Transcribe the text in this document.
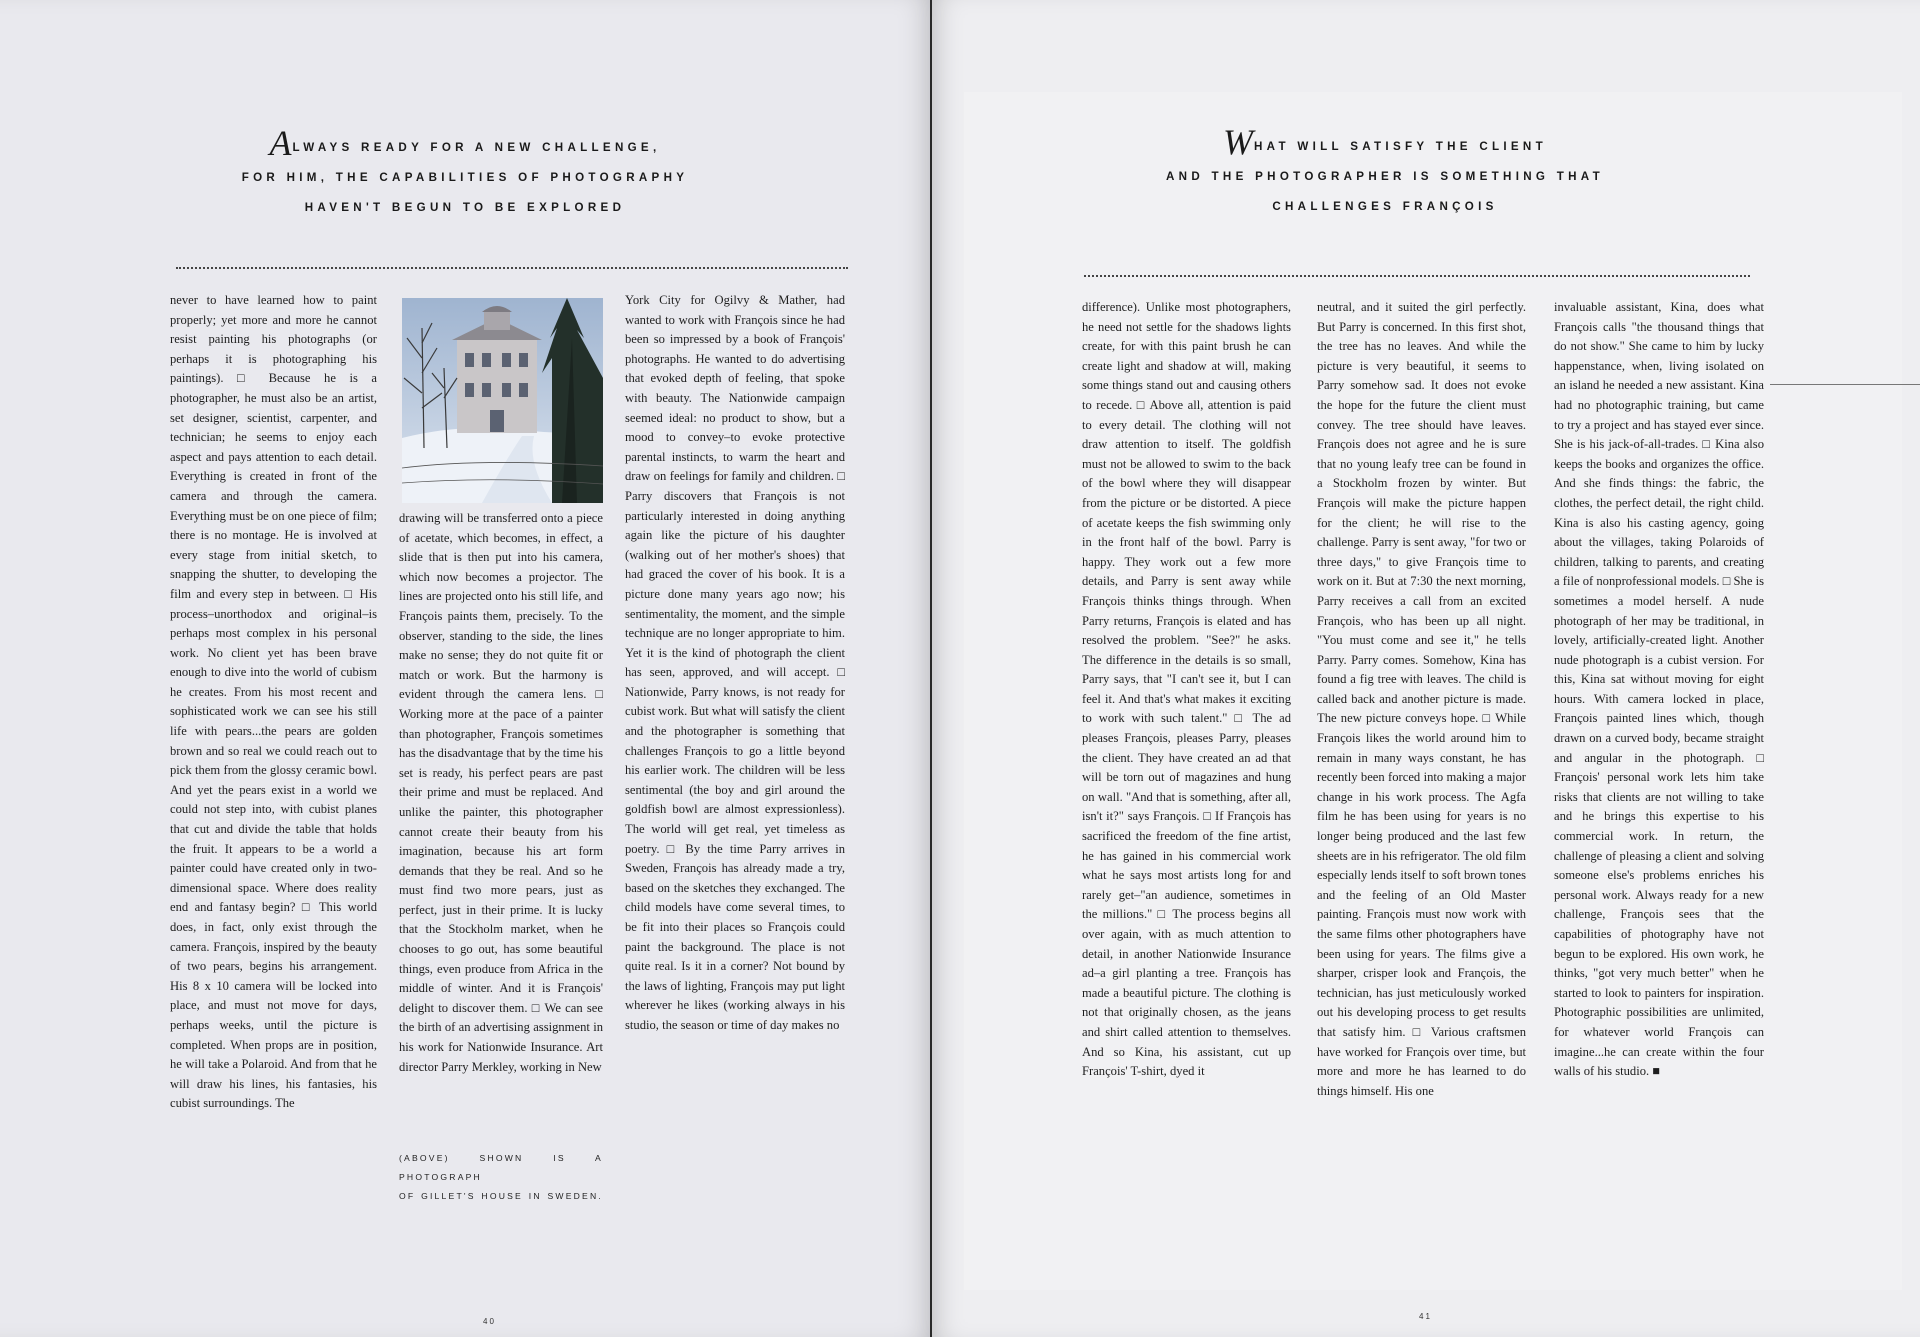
ALWAYS READY FOR A NEW CHALLENGE,
FOR HIM, THE CAPABILITIES OF PHOTOGRAPHY
HAVEN'T BEGUN TO BE EXPLORED
never to have learned how to paint properly; yet more and more he cannot resist painting his photographs (or perhaps it is photographing his paintings). □ Because he is a photographer, he must also be an artist, set designer, scientist, carpenter, and technician; he seems to enjoy each aspect and pays attention to each detail. Everything is created in front of the camera and through the camera. Everything must be on one piece of film; there is no montage. He is involved at every stage from initial sketch, to snapping the shutter, to developing the film and every step in between. □ His process–unorthodox and original–is perhaps most complex in his personal work. No client yet has been brave enough to dive into the world of cubism he creates. From his most recent and sophisticated work we can see his still life with pears...the pears are golden brown and so real we could reach out to pick them from the glossy ceramic bowl. And yet the pears exist in a world we could not step into, with cubist planes that cut and divide the table that holds the fruit. It appears to be a world a painter could have created only in two-dimensional space. Where does reality end and fantasy begin? □ This world does, in fact, only exist through the camera. François, inspired by the beauty of two pears, begins his arrangement. His 8 x 10 camera will be locked into place, and must not move for days, perhaps weeks, until the picture is completed. When props are in position, he will take a Polaroid. And from that he will draw his lines, his fantasies, his cubist surroundings. The
drawing will be transferred onto a piece of acetate, which becomes, in effect, a slide that is then put into his camera, which now becomes a projector. The lines are projected onto his still life, and François paints them, precisely. To the observer, standing to the side, the lines make no sense; they do not quite fit or match or work. But the harmony is evident through the camera lens. □ Working more at the pace of a painter than photographer, François sometimes has the disadvantage that by the time his set is ready, his perfect pears are past their prime and must be replaced. And unlike the painter, this photographer cannot create their beauty from his imagination, because his art form demands that they be real. And so he must find two more pears, just as perfect, just in their prime. It is lucky that the Stockholm market, when he chooses to go out, has some beautiful things, even produce from Africa in the middle of winter. And it is François' delight to discover them. □ We can see the birth of an advertising assignment in his work for Nationwide Insurance. Art director Parry Merkley, working in New
(ABOVE) SHOWN IS A PHOTOGRAPH
OF GILLET'S HOUSE IN SWEDEN.
York City for Ogilvy & Mather, had wanted to work with François since he had been so impressed by a book of François' photographs. He wanted to do advertising that evoked depth of feeling, that spoke with beauty. The Nationwide campaign seemed ideal: no product to show, but a mood to convey–to evoke protective parental instincts, to warm the heart and draw on feelings for family and children. □ Parry discovers that François is not particularly interested in doing anything again like the picture of his daughter (walking out of her mother's shoes) that had graced the cover of his book. It is a picture done many years ago now; his sentimentality, the moment, and the simple technique are no longer appropriate to him. Yet it is the kind of photograph the client has seen, approved, and will accept. □ Nationwide, Parry knows, is not ready for cubist work. But what will satisfy the client and the photographer is something that challenges François to go a little beyond his earlier work. The children will be less sentimental (the boy and girl around the goldfish bowl are almost expressionless). The world will get real, yet timeless as poetry. □ By the time Parry arrives in Sweden, François has already made a try, based on the sketches they exchanged. The child models have come several times, to be fit into their places so François could paint the background. The place is not quite real. Is it in a corner? Not bound by the laws of lighting, François may put light wherever he likes (working always in his studio, the season or time of day makes no
40
WHAT WILL SATISFY THE CLIENT
AND THE PHOTOGRAPHER IS SOMETHING THAT
CHALLENGES FRANÇOIS
difference). Unlike most photographers, he need not settle for the shadows lights create, for with this paint brush he can create light and shadow at will, making some things stand out and causing others to recede. □ Above all, attention is paid to every detail. The clothing will not draw attention to itself. The goldfish must not be allowed to swim to the back of the bowl where they will disappear from the picture or be distorted. A piece of acetate keeps the fish swimming only in the front half of the bowl. Parry is happy. They work out a few more details, and Parry is sent away while François thinks things through. When Parry returns, François is elated and has resolved the problem. "See?" he asks. The difference in the details is so small, Parry says, that "I can't see it, but I can feel it. And that's what makes it exciting to work with such talent." □ The ad pleases François, pleases Parry, pleases the client. They have created an ad that will be torn out of magazines and hung on wall. "And that is something, after all, isn't it?" says François. □ If François has sacrificed the freedom of the fine artist, he has gained in his commercial work what he says most artists long for and rarely get–"an audience, sometimes in the millions." □ The process begins all over again, with as much attention to detail, in another Nationwide Insurance ad–a girl planting a tree. François has made a beautiful picture. The clothing is not that originally chosen, as the jeans and shirt called attention to themselves. And so Kina, his assistant, cut up François' T-shirt, dyed it
neutral, and it suited the girl perfectly. But Parry is concerned. In this first shot, the tree has no leaves. And while the picture is very beautiful, it seems to Parry somehow sad. It does not evoke the hope for the future the client must convey. The tree should have leaves. François does not agree and he is sure that no young leafy tree can be found in a Stockholm frozen by winter. But François will make the picture happen for the client; he will rise to the challenge. Parry is sent away, "for two or three days," to give François time to work on it. But at 7:30 the next morning, Parry receives a call from an excited François, who has been up all night. "You must come and see it," he tells Parry. Parry comes. Somehow, Kina has found a fig tree with leaves. The child is called back and another picture is made. The new picture conveys hope. □ While François likes the world around him to remain in many ways constant, he has recently been forced into making a major change in his work process. The Agfa film he has been using for years is no longer being produced and the last few sheets are in his refrigerator. The old film especially lends itself to soft brown tones and the feeling of an Old Master painting. François must now work with the same films other photographers have been using for years. The films give a sharper, crisper look and François, the technician, has just meticulously worked out his developing process to get results that satisfy him. □ Various craftsmen have worked for François over time, but more and more he has learned to do things himself. His one
invaluable assistant, Kina, does what François calls "the thousand things that do not show." She came to him by lucky happenstance, when, living isolated on an island he needed a new assistant. Kina had no photographic training, but came to try a project and has stayed ever since. She is his jack-of-all-trades. □ Kina also keeps the books and organizes the office. And she finds things: the fabric, the clothes, the perfect detail, the right child. Kina is also his casting agency, going about the villages, taking Polaroids of children, talking to parents, and creating a file of nonprofessional models. □ She is sometimes a model herself. A nude photograph of her may be traditional, in lovely, artificially-created light. Another nude photograph is a cubist version. For this, Kina sat without moving for eight hours. With camera locked in place, François painted lines which, though drawn on a curved body, became straight and angular in the photograph. □ François' personal work lets him take risks that clients are not willing to take and he brings this expertise to his commercial work. In return, the challenge of pleasing a client and solving someone else's problems enriches his personal work. Always ready for a new challenge, François sees that the capabilities of photography have not begun to be explored. His own work, he thinks, "got very much better" when he started to look to painters for inspiration. Photographic possibilities are unlimited, for whatever world François can imagine...he can create within the four walls of his studio. ■
41
